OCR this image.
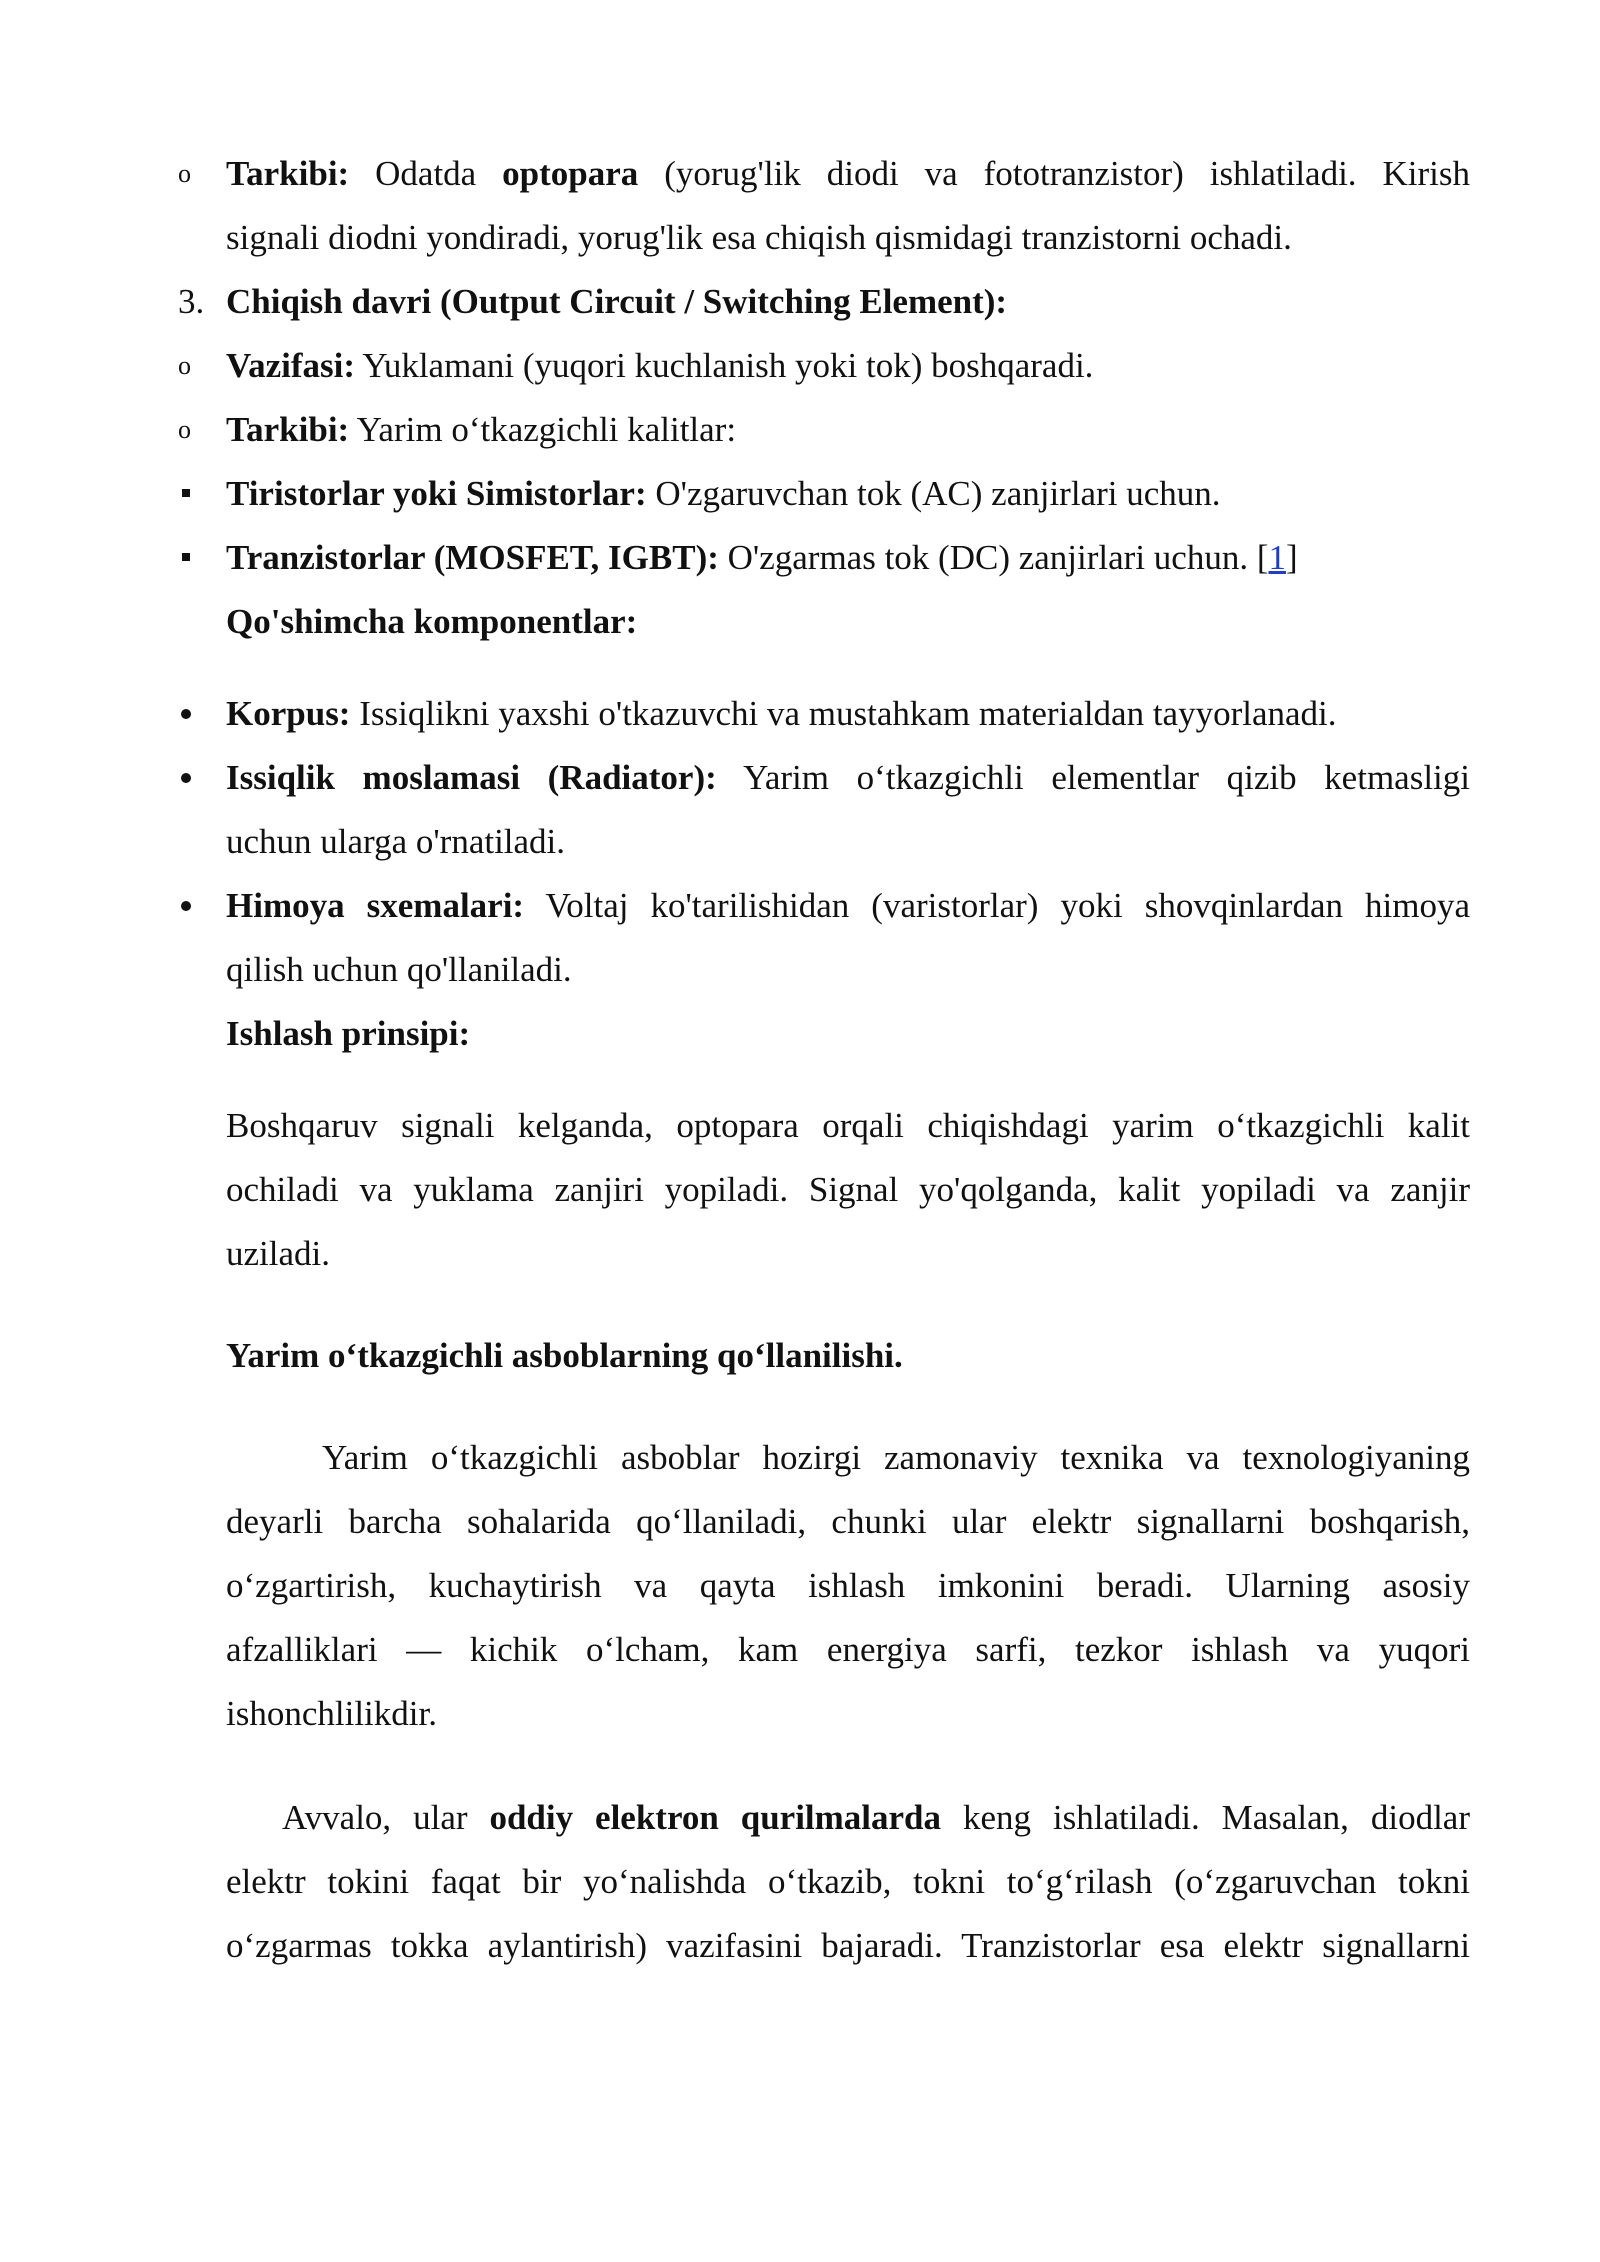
o	Tarkibi: Odatda optopara (yorug'lik diodi va fototranzistor) ishlatiladi. Kirish
signali diodni yondiradi, yorug'lik esa chiqish qismidagi tranzistorni ochadi.
3. Chiqish davri (Output Circuit / Switching Element):
o	Vazifasi: Yuklamani (yuqori kuchlanish yoki tok) boshqaradi.
o	Tarkibi: Yarim o‘tkazgichli kalitlar:
Tiristorlar yoki Simistorlar: O'zgaruvchan tok (AC) zanjirlari uchun.
Tranzistorlar (MOSFET, IGBT): O'zgarmas tok (DC) zanjirlari uchun. [1]
Qo'shimcha komponentlar:
Korpus: Issiqlikni yaxshi o'tkazuvchi va mustahkam materialdan tayyorlanadi.
Issiqlik moslamasi (Radiator): Yarim o‘tkazgichli elementlar qizib ketmasligi
uchun ularga o'rnatiladi.
Himoya sxemalari: Voltaj ko'tarilishidan (varistorlar) yoki shovqinlardan himoya
qilish uchun qo'llaniladi.
Ishlash prinsipi:
Boshqaruv signali kelganda, optopara orqali chiqishdagi yarim o‘tkazgichli kalit
ochiladi va yuklama zanjiri yopiladi. Signal yo'qolganda, kalit yopiladi va zanjir
uziladi.
Yarim o‘tkazgichli asboblarning qo‘llanilishi.
Yarim o‘tkazgichli asboblar hozirgi zamonaviy texnika va texnologiyaning
deyarli barcha sohalarida qo‘llaniladi, chunki ular elektr signallarni boshqarish,
o‘zgartirish, kuchaytirish va qayta ishlash imkonini beradi. Ularning asosiy
afzalliklari — kichik o‘lcham, kam energiya sarfi, tezkor ishlash va yuqori
ishonchlilikdir.
Avvalo, ular oddiy elektron qurilmalarda keng ishlatiladi. Masalan, diodlar
elektr tokini faqat bir yo‘nalishda o‘tkazib, tokni to‘g‘rilash (o‘zgaruvchan tokni
o‘zgarmas tokka aylantirish) vazifasini bajaradi. Tranzistorlar esa elektr signallarni
